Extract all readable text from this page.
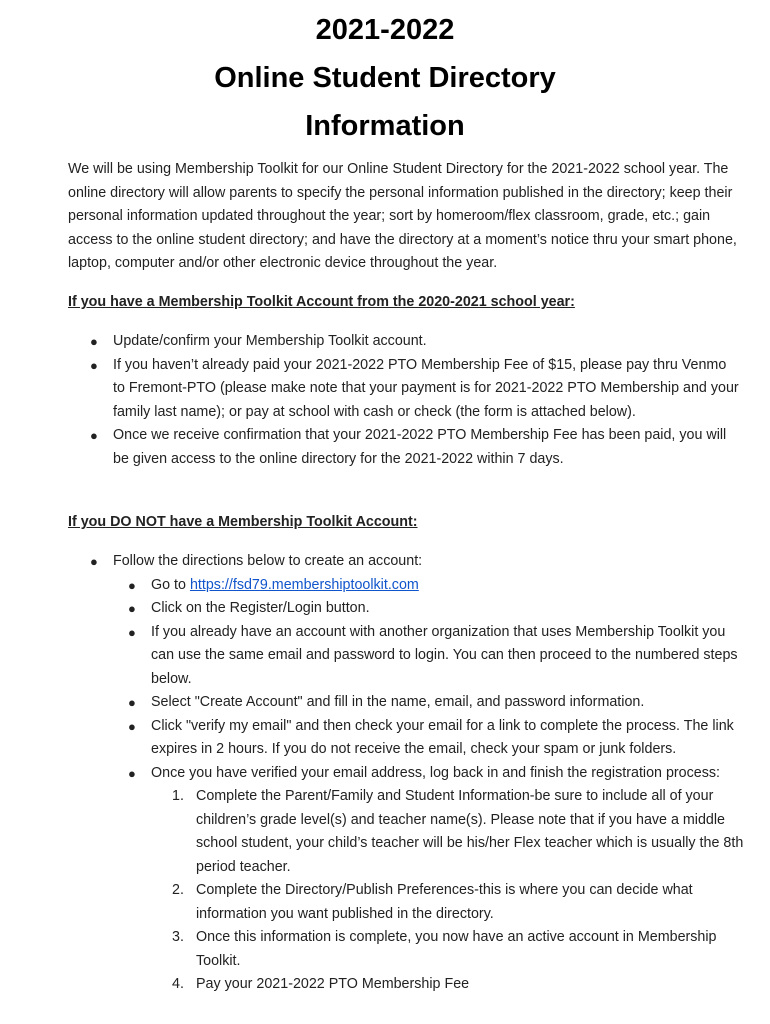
2021-2022
Online Student Directory
Information

We will be using Membership Toolkit for our Online Student Directory for the 2021-2022 school year. The online directory will allow parents to specify the personal information published in the directory; keep their personal information updated throughout the year; sort by homeroom/flex classroom, grade, etc.; gain access to the online student directory; and have the directory at a moment’s notice thru your smart phone, laptop, computer and/or other electronic device throughout the year.

If you have a Membership Toolkit Account from the 2020-2021 school year:

● Update/confirm your Membership Toolkit account.
● If you haven’t already paid your 2021-2022 PTO Membership Fee of $15, please pay thru Venmo to Fremont-PTO (please make note that your payment is for 2021-2022 PTO Membership and your family last name); or pay at school with cash or check (the form is attached below).
● Once we receive confirmation that your 2021-2022 PTO Membership Fee has been paid, you will be given access to the online directory for the 2021-2022 within 7 days.

If you DO NOT have a Membership Toolkit Account:

● Follow the directions below to create an account:
● Go to https://fsd79.membershiptoolkit.com
● Click on the Register/Login button.
● If you already have an account with another organization that uses Membership Toolkit you can use the same email and password to login. You can then proceed to the numbered steps below.
● Select "Create Account" and fill in the name, email, and password information.
● Click "verify my email" and then check your email for a link to complete the process. The link expires in 2 hours. If you do not receive the email, check your spam or junk folders.
● Once you have verified your email address, log back in and finish the registration process:
1. Complete the Parent/Family and Student Information-be sure to include all of your children’s grade level(s) and teacher name(s). Please note that if you have a middle school student, your child’s teacher will be his/her Flex teacher which is usually the 8th period teacher.
2. Complete the Directory/Publish Preferences-this is where you can decide what information you want published in the directory.
3. Once this information is complete, you now have an active account in Membership Toolkit.
4. Pay your 2021-2022 PTO Membership Fee
